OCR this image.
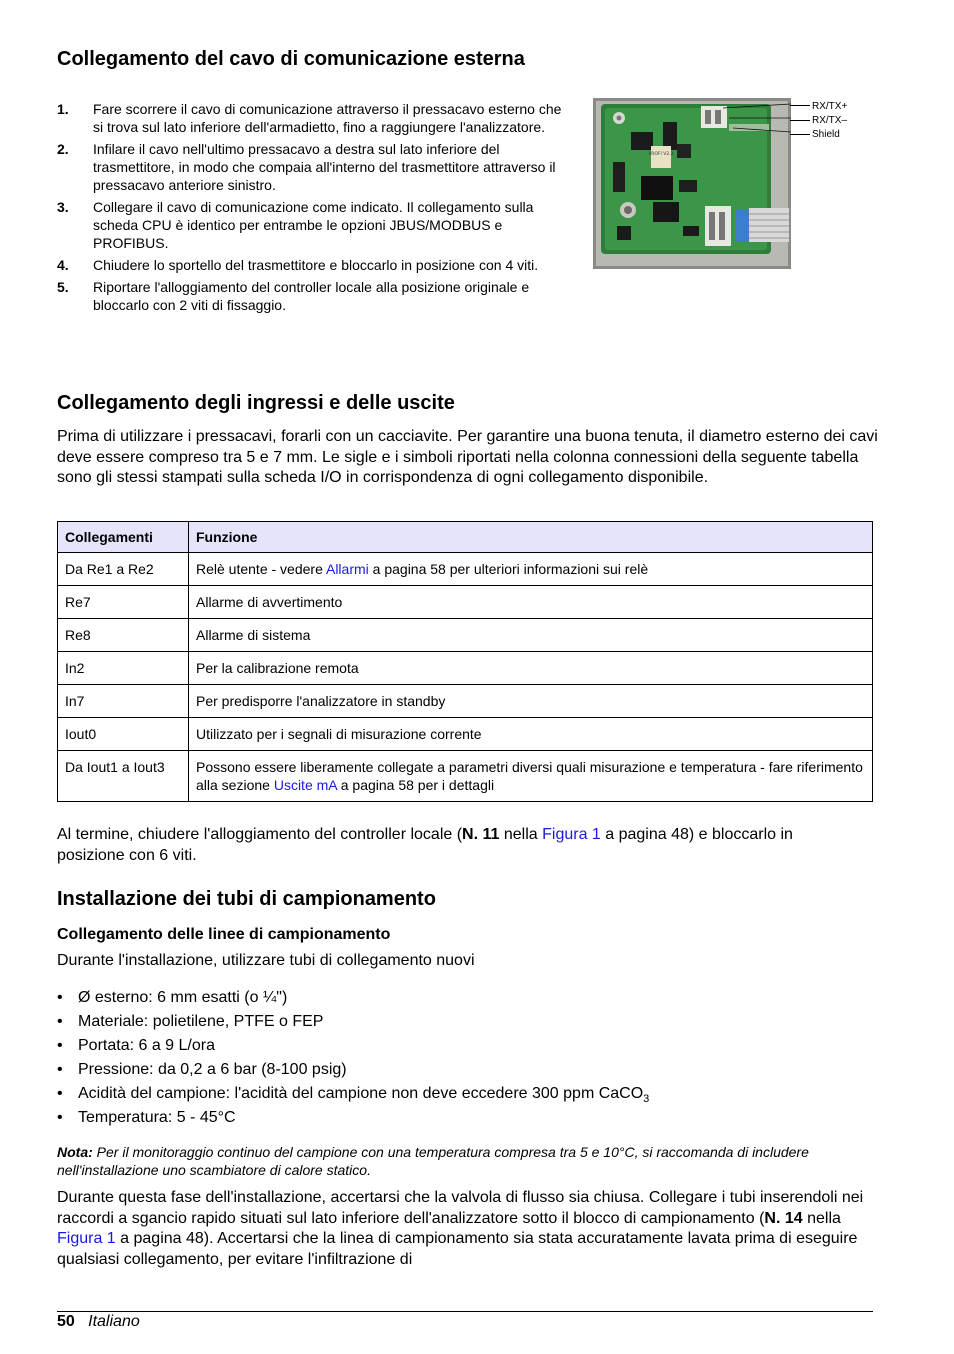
Collegamento del cavo di comunicazione esterna
1.	Fare scorrere il cavo di comunicazione attraverso il pressacavo esterno che si trova sul lato inferiore dell'armadietto, fino a raggiungere l'analizzatore.
2.	Infilare il cavo nell'ultimo pressacavo a destra sul lato inferiore del trasmettitore, in modo che compaia all'interno del trasmettitore attraverso il pressacavo anteriore sinistro.
3.	Collegare il cavo di comunicazione come indicato. Il collegamento sulla scheda CPU è identico per entrambe le opzioni JBUS/MODBUS e PROFIBUS.
4.	Chiudere lo sportello del trasmettitore e bloccarlo in posizione con 4 viti.
5.	Riportare l'alloggiamento del controller locale alla posizione originale e bloccarlo con 2 viti di fissaggio.
PROFI V2.3
RX/TX+
RX/TX–
Shield
Collegamento degli ingressi e delle uscite
Prima di utilizzare i pressacavi, forarli con un cacciavite. Per garantire una buona tenuta, il diametro esterno dei cavi deve essere compreso tra 5 e 7 mm. Le sigle e i simboli riportati nella colonna connessioni della seguente tabella sono gli stessi stampati sulla scheda I/O in corrispondenza di ogni collegamento disponibile.
Collegamenti	Funzione
Da Re1 a Re2	Relè utente - vedere Allarmi a pagina 58 per ulteriori informazioni sui relè
Re7	Allarme di avvertimento
Re8	Allarme di sistema
In2	Per la calibrazione remota
In7	Per predisporre l'analizzatore in standby
Iout0	Utilizzato per i segnali di misurazione corrente
Da Iout1 a Iout3	Possono essere liberamente collegate a parametri diversi quali misurazione e temperatura - fare riferimento alla sezione Uscite mA a pagina 58 per i dettagli
Al termine, chiudere l'alloggiamento del controller locale (N. 11 nella Figura 1 a pagina 48) e bloccarlo in posizione con 6 viti.
Installazione dei tubi di campionamento
Collegamento delle linee di campionamento
Durante l'installazione, utilizzare tubi di collegamento nuovi
• Ø esterno: 6 mm esatti (o ¼")
• Materiale: polietilene, PTFE o FEP
• Portata: 6 a 9 L/ora
• Pressione: da 0,2 a 6 bar (8-100 psig)
• Acidità del campione: l'acidità del campione non deve eccedere 300 ppm CaCO$_3$
• Temperatura: 5 - 45°C
Nota: Per il monitoraggio continuo del campione con una temperatura compresa tra 5 e 10°C, si raccomanda di includere nell'installazione uno scambiatore di calore statico.
Durante questa fase dell'installazione, accertarsi che la valvola di flusso sia chiusa. Collegare i tubi inserendoli nei raccordi a sgancio rapido situati sul lato inferiore dell'analizzatore sotto il blocco di campionamento (N. 14 nella Figura 1 a pagina 48). Accertarsi che la linea di campionamento sia stata accuratamente lavata prima di eseguire qualsiasi collegamento, per evitare l'infiltrazione di
50 Italiano
